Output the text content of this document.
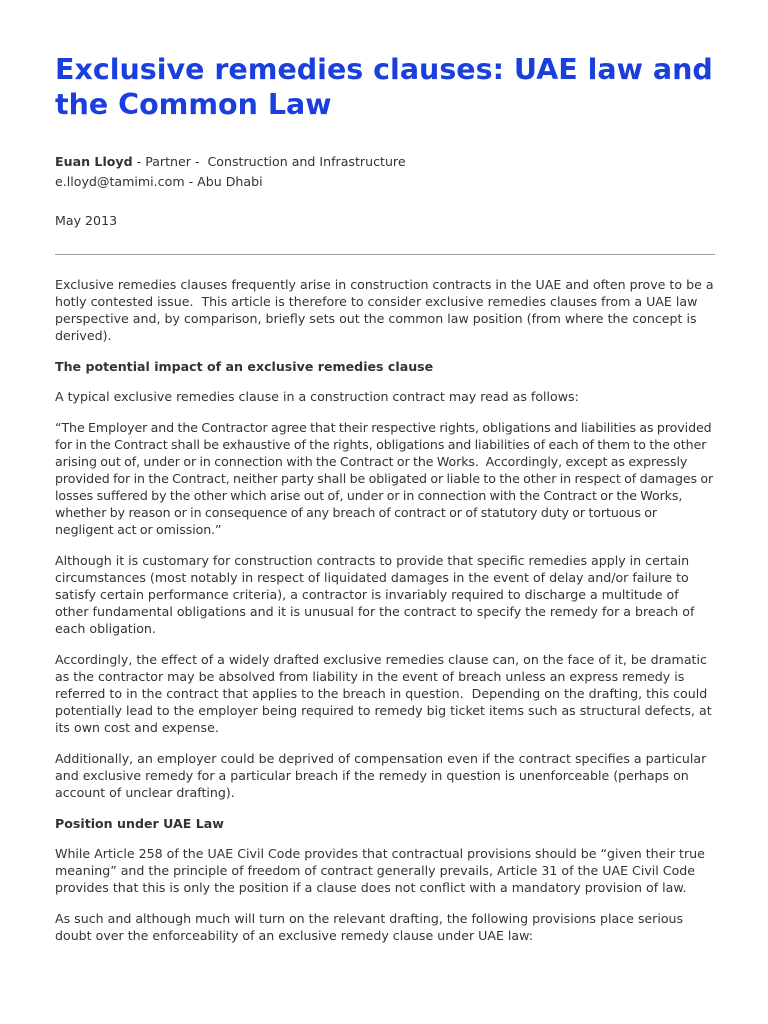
Exclusive remedies clauses: UAE law and the Common Law
Euan Lloyd - Partner -  Construction and Infrastructure
e.lloyd@tamimi.com - Abu Dhabi
May 2013

Exclusive remedies clauses frequently arise in construction contracts in the UAE and often prove to be a hotly contested issue.  This article is therefore to consider exclusive remedies clauses from a UAE law perspective and, by comparison, briefly sets out the common law position (from where the concept is derived).

The potential impact of an exclusive remedies clause

A typical exclusive remedies clause in a construction contract may read as follows:

“The Employer and the Contractor agree that their respective rights, obligations and liabilities as provided for in the Contract shall be exhaustive of the rights, obligations and liabilities of each of them to the other arising out of, under or in connection with the Contract or the Works.  Accordingly, except as expressly provided for in the Contract, neither party shall be obligated or liable to the other in respect of damages or losses suffered by the other which arise out of, under or in connection with the Contract or the Works, whether by reason or in consequence of any breach of contract or of statutory duty or tortuous or negligent act or omission.”

Although it is customary for construction contracts to provide that specific remedies apply in certain circumstances (most notably in respect of liquidated damages in the event of delay and/or failure to satisfy certain performance criteria), a contractor is invariably required to discharge a multitude of other fundamental obligations and it is unusual for the contract to specify the remedy for a breach of each obligation.

Accordingly, the effect of a widely drafted exclusive remedies clause can, on the face of it, be dramatic as the contractor may be absolved from liability in the event of breach unless an express remedy is referred to in the contract that applies to the breach in question.  Depending on the drafting, this could potentially lead to the employer being required to remedy big ticket items such as structural defects, at its own cost and expense.

Additionally, an employer could be deprived of compensation even if the contract specifies a particular and exclusive remedy for a particular breach if the remedy in question is unenforceable (perhaps on account of unclear drafting).

Position under UAE Law

While Article 258 of the UAE Civil Code provides that contractual provisions should be “given their true meaning” and the principle of freedom of contract generally prevails, Article 31 of the UAE Civil Code provides that this is only the position if a clause does not conflict with a mandatory provision of law.

As such and although much will turn on the relevant drafting, the following provisions place serious doubt over the enforceability of an exclusive remedy clause under UAE law:
